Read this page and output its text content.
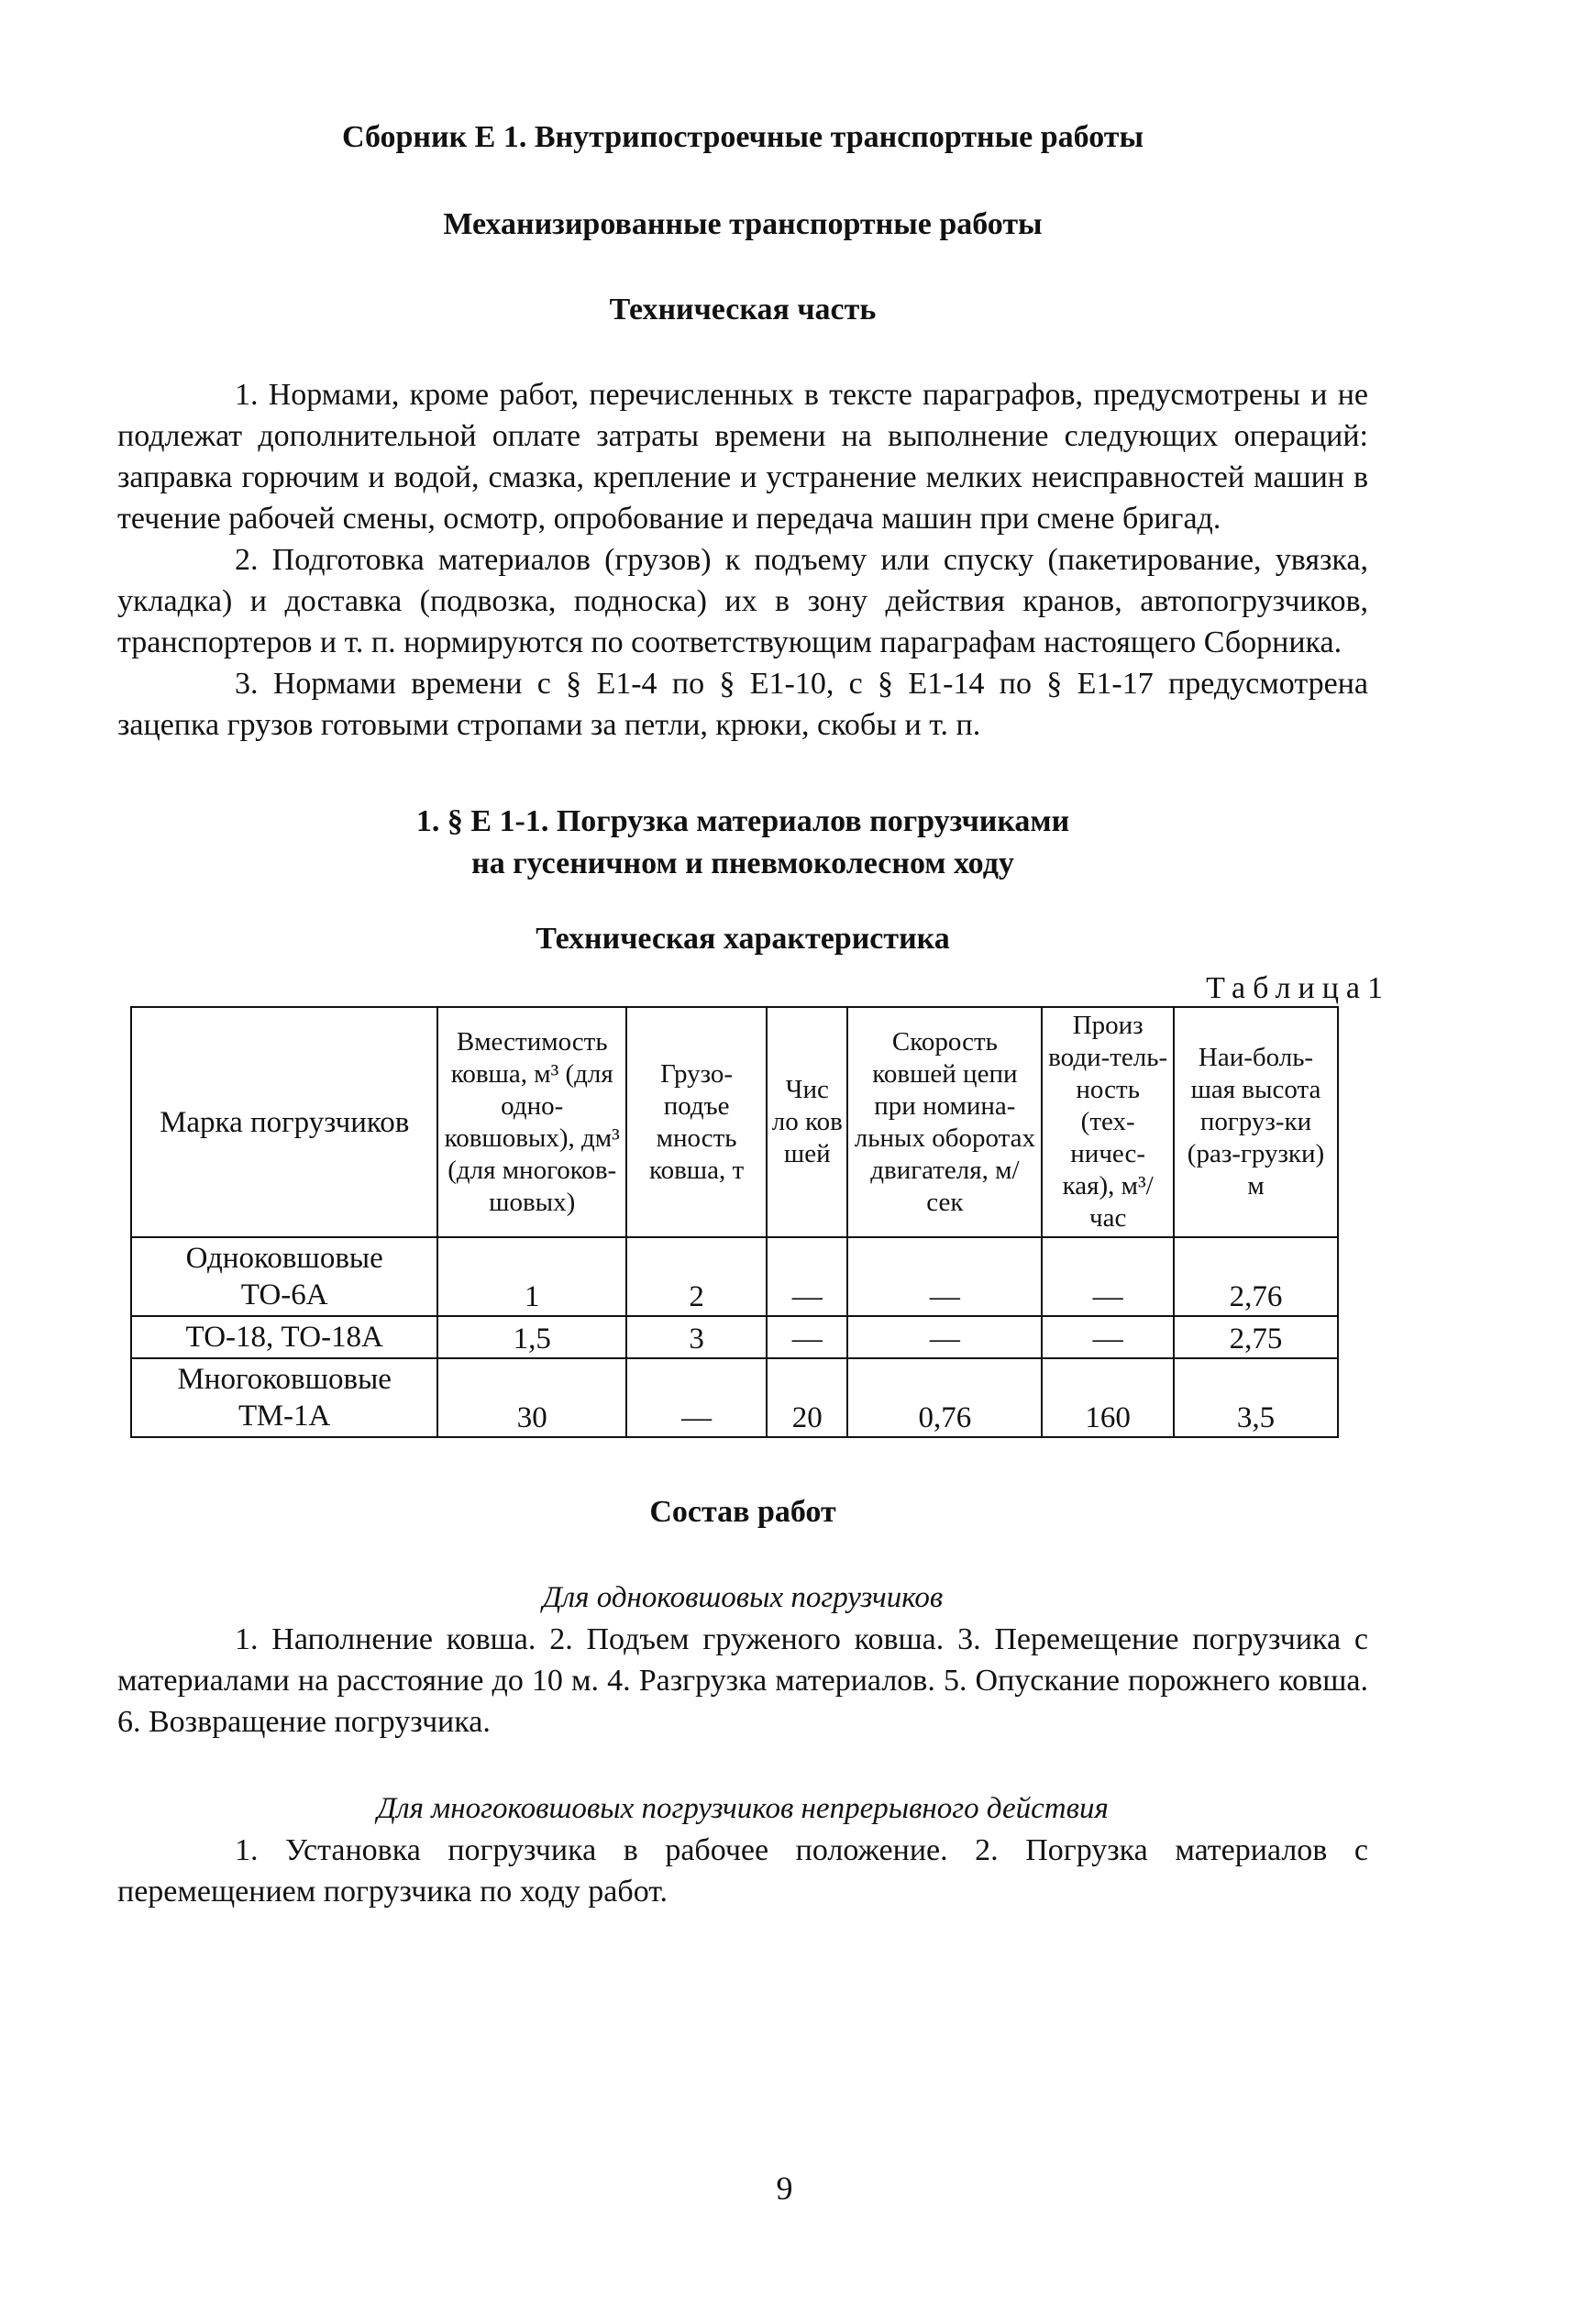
Сборник Е 1. Внутрипостроечные транспортные работы

Механизированные транспортные работы

Техническая часть

1. Нормами, кроме работ, перечисленных в тексте параграфов, предусмотрены и не подлежат дополнительной оплате затраты времени на выполнение следующих операций: заправка горючим и водой, смазка, крепление и устранение мелких неисправностей машин в течение рабочей смены, осмотр, опробование и передача машин при смене бригад.

2. Подготовка материалов (грузов) к подъему или спуску (пакетирование, увязка, укладка) и доставка (подвозка, подноска) их в зону действия кранов, автопогрузчиков, транспортеров и т. п. нормируются по соответствующим параграфам настоящего Сборника.

3. Нормами времени с § Е1-4 по § Е1-10, с § Е1-14 по § Е1-17 предусмотрена зацепка грузов готовыми стропами за петли, крюки, скобы и т. п.

1. § Е 1-1. Погрузка материалов погрузчиками
на гусеничном и пневмоколесном ходу
Техническая характеристика
Таблица1
Марка погрузчиков	Вместимость ковша, м³ (для одно-ковшовых), дм³ (для многоков-шовых)	Грузо-подъе мность ковша, т	Чис ло ков шей	Скорость ковшей цепи при номина-льных оборотах двигателя, м/сек	Произ води-тель-ность (тех-ничес-кая), м³/час	Наи-боль-шая высота погруз-ки (раз-грузки) м

Одноковшовые
ТО-6А	1	2	—	—	—	2,76

ТО-18, ТО-18А	1,5	3	—	—	—	2,75

Многоковшовые
ТМ-1А	30	—	20	0,76	160	3,5
Состав работ

Для одноковшовых погрузчиков

1. Наполнение ковша. 2. Подъем груженого ковша. 3. Перемещение погрузчика с материалами на расстояние до 10 м. 4. Разгрузка материалов. 5. Опускание порожнего ковша. 6. Возвращение погрузчика.

Для многоковшовых погрузчиков непрерывного действия

1. Установка погрузчика в рабочее положение. 2. Погрузка материалов с перемещением погрузчика по ходу работ.

9
